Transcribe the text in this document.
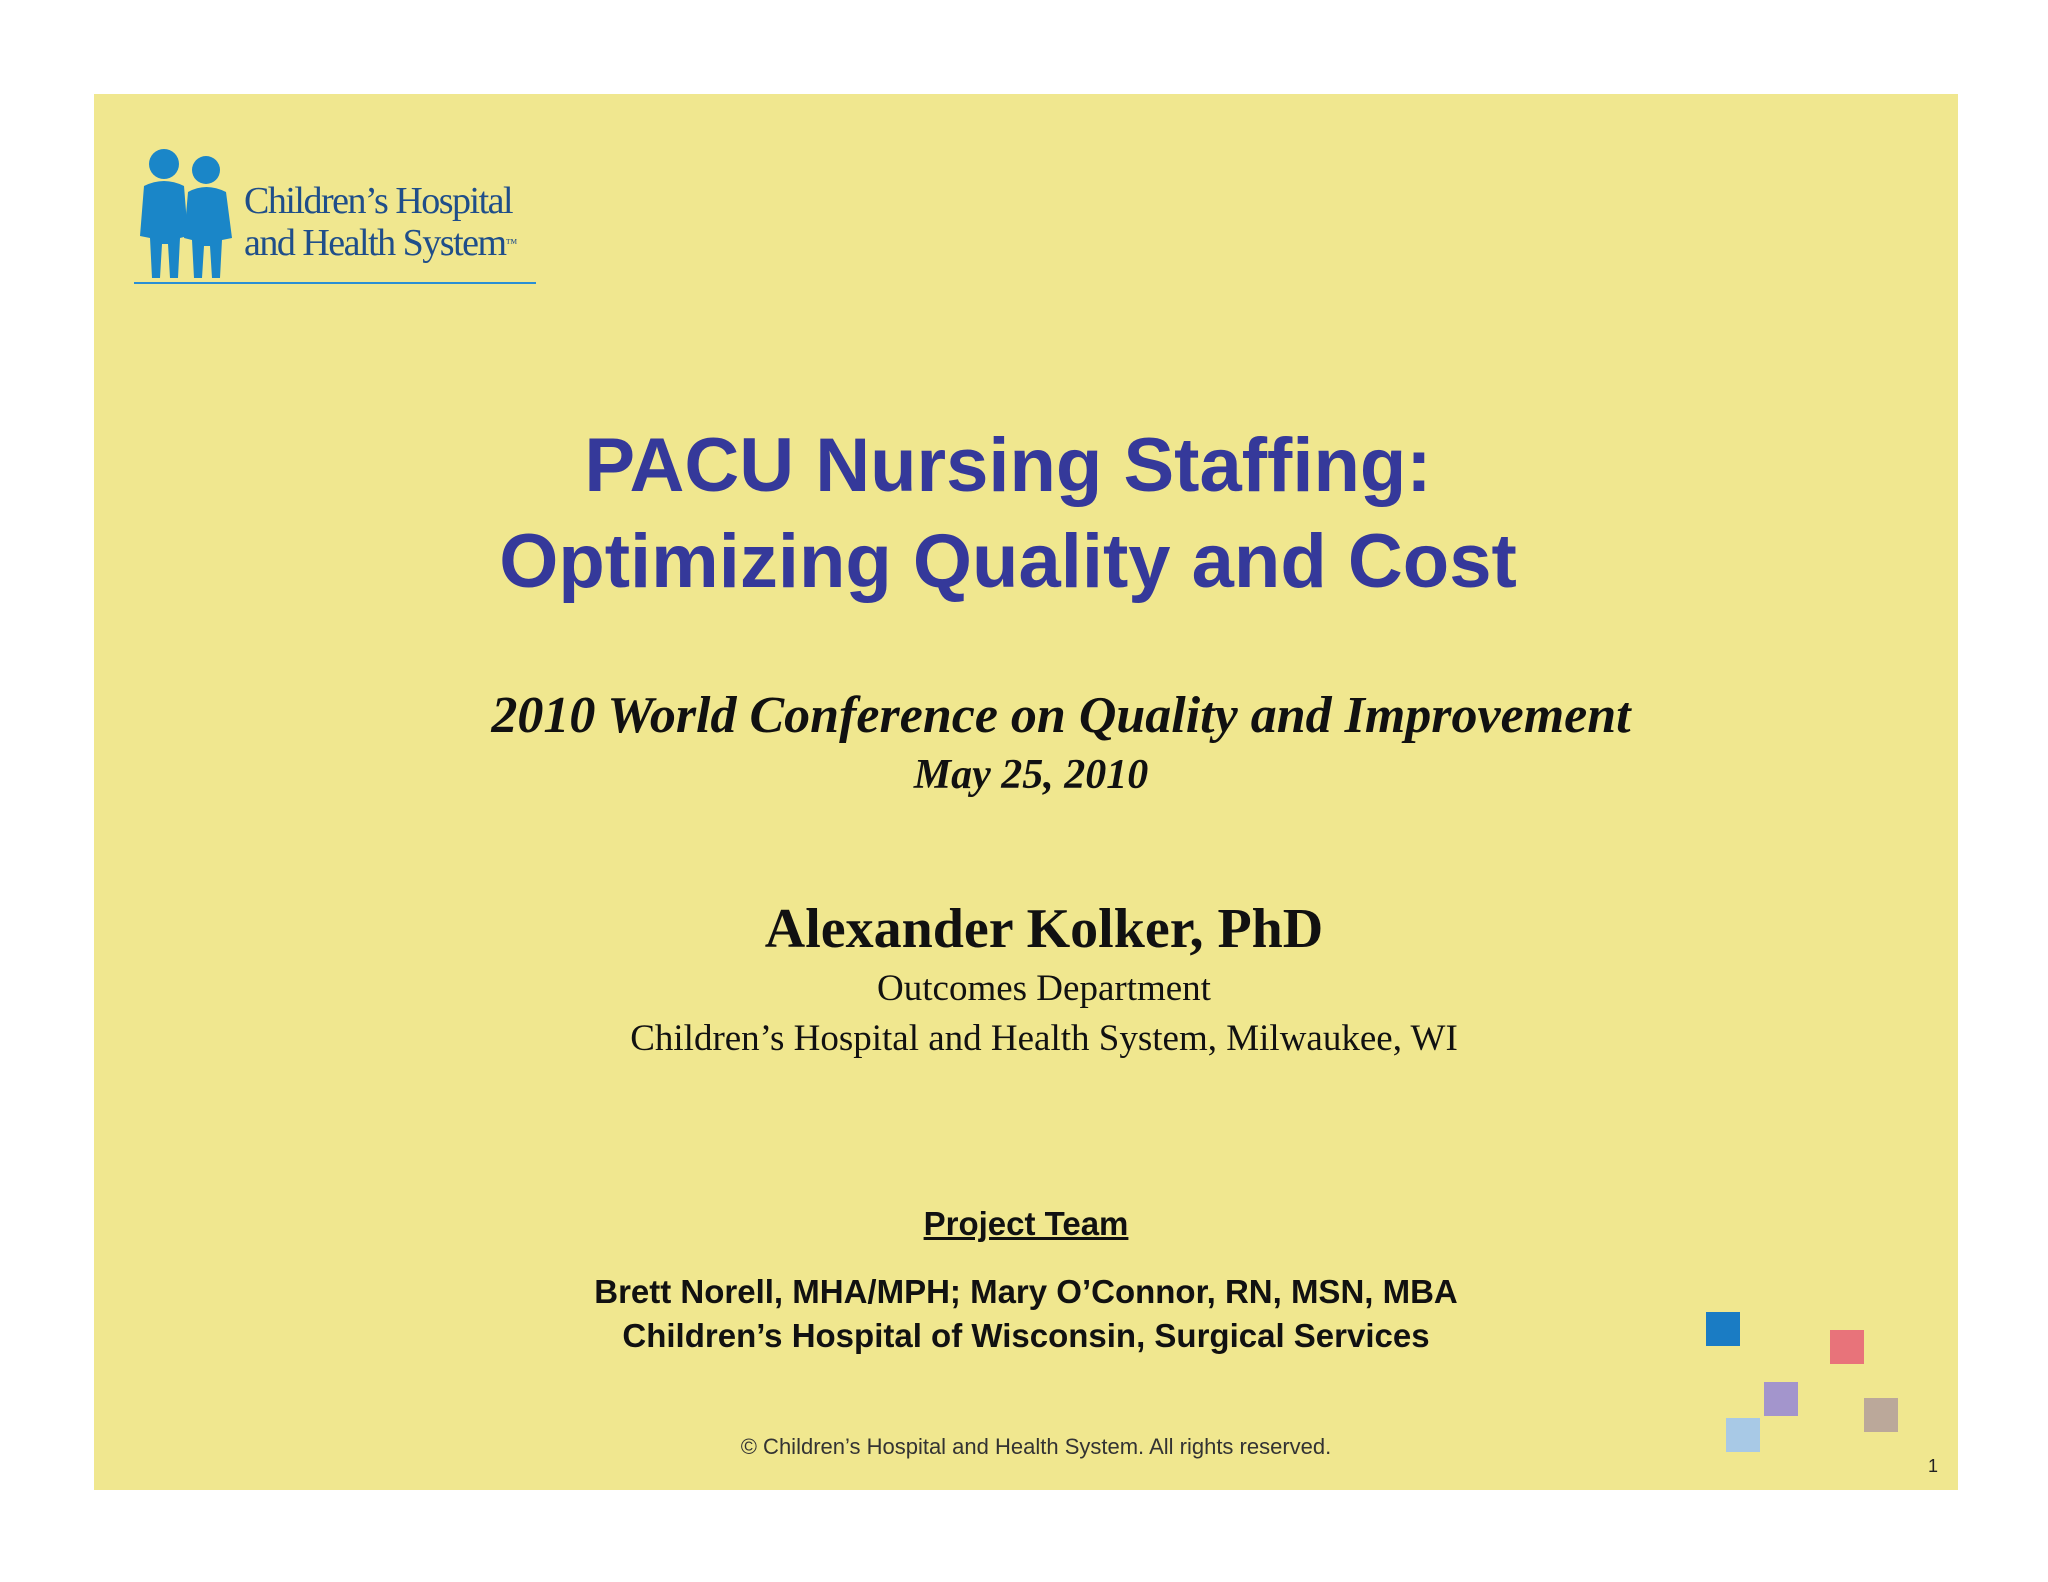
Children’s Hospital
and Health System™
PACU Nursing Staffing:
Optimizing Quality and Cost
2010 World Conference on Quality and Improvement
May 25, 2010
Alexander Kolker, PhD
Outcomes Department
Children’s Hospital and Health System, Milwaukee, WI
Project Team
Brett Norell, MHA/MPH; Mary O’Connor, RN, MSN, MBA
Children’s Hospital of Wisconsin, Surgical Services
© Children’s Hospital and Health System. All rights reserved.
1
